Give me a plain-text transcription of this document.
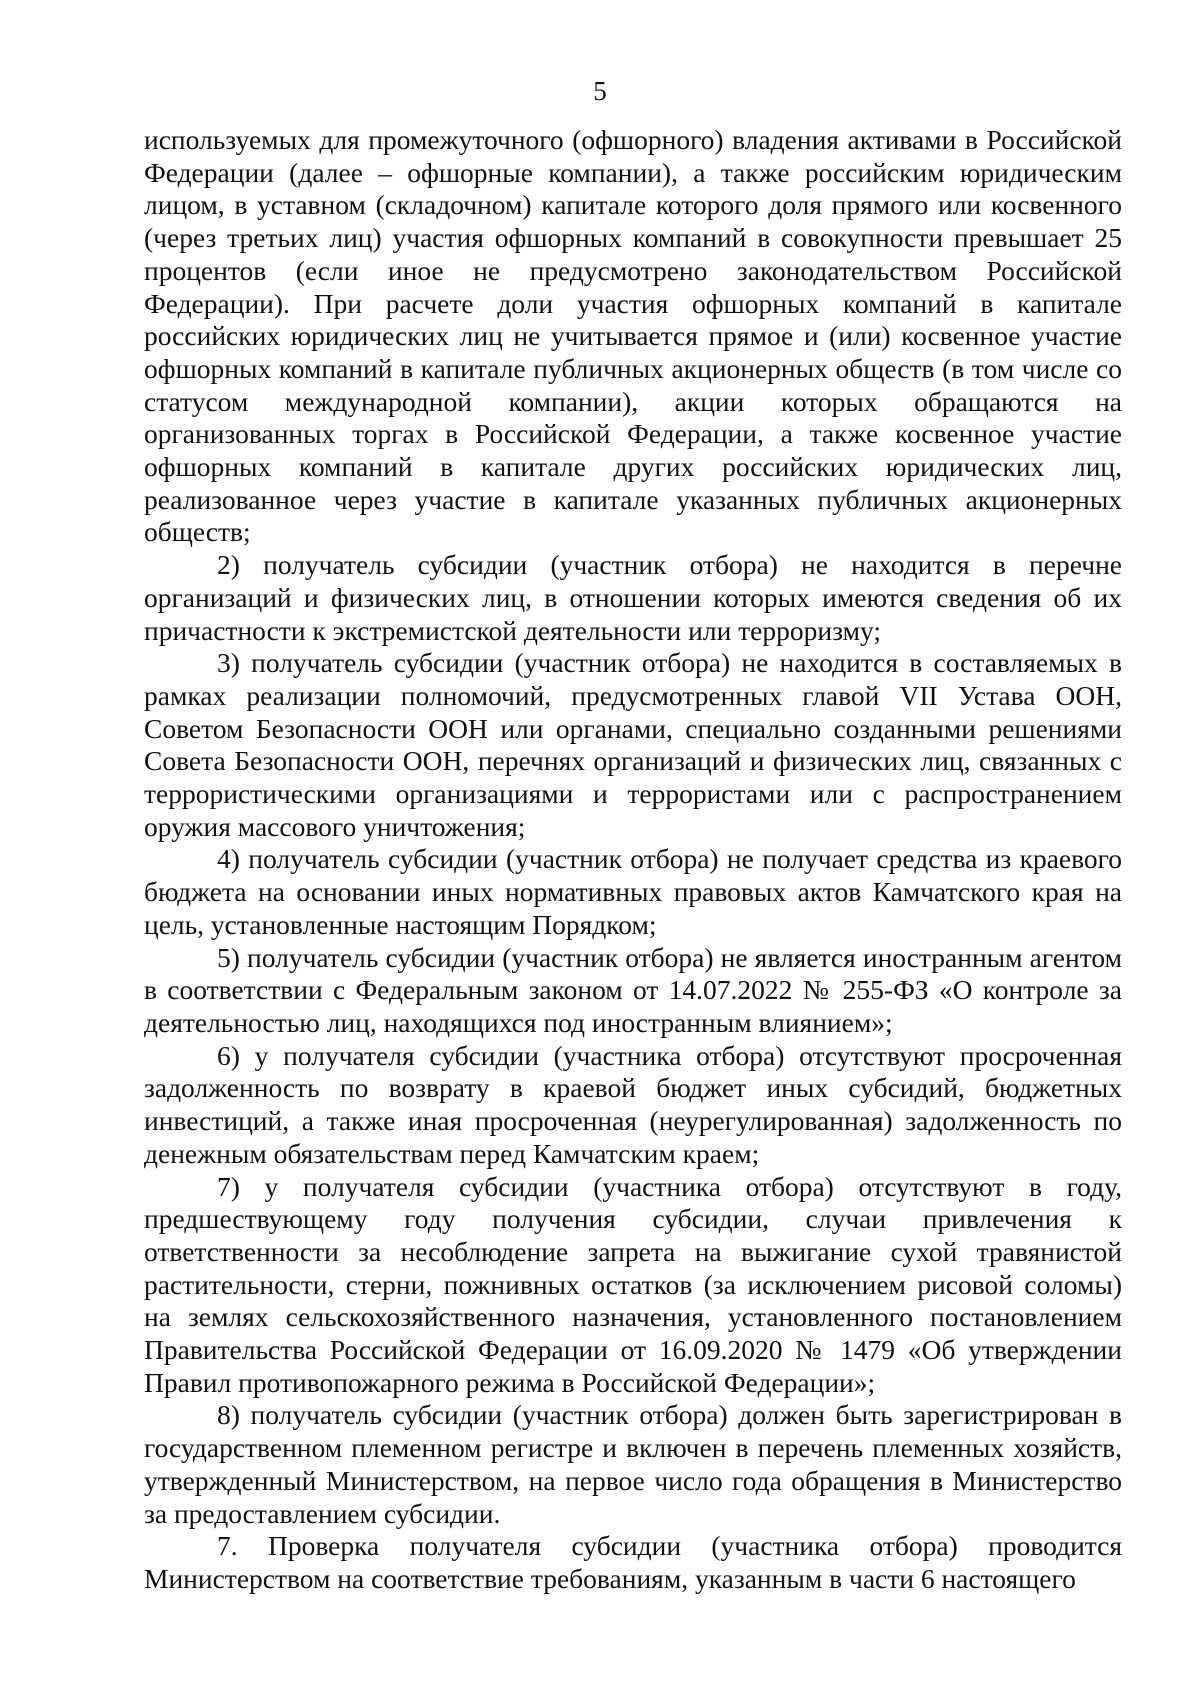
5

используемых для промежуточного (офшорного) владения активами в Российской Федерации (далее – офшорные компании), а также российским юридическим лицом, в уставном (складочном) капитале которого доля прямого или косвенного (через третьих лиц) участия офшорных компаний в совокупности превышает 25 процентов (если иное не предусмотрено законодательством Российской Федерации). При расчете доли участия офшорных компаний в капитале российских юридических лиц не учитывается прямое и (или) косвенное участие офшорных компаний в капитале публичных акционерных обществ (в том числе со статусом международной компании), акции которых обращаются на организованных торгах в Российской Федерации, а также косвенное участие офшорных компаний в капитале других российских юридических лиц, реализованное через участие в капитале указанных публичных акционерных обществ;

2) получатель субсидии (участник отбора) не находится в перечне организаций и физических лиц, в отношении которых имеются сведения об их причастности к экстремистской деятельности или терроризму;

3) получатель субсидии (участник отбора) не находится в составляемых в рамках реализации полномочий, предусмотренных главой VII Устава ООН, Советом Безопасности ООН или органами, специально созданными решениями Совета Безопасности ООН, перечнях организаций и физических лиц, связанных с террористическими организациями и террористами или с распространением оружия массового уничтожения;

4) получатель субсидии (участник отбора) не получает средства из краевого бюджета на основании иных нормативных правовых актов Камчатского края на цель, установленные настоящим Порядком;

5) получатель субсидии (участник отбора) не является иностранным агентом в соответствии с Федеральным законом от 14.07.2022 № 255-ФЗ «О контроле за деятельностью лиц, находящихся под иностранным влиянием»;

6) у получателя субсидии (участника отбора) отсутствуют просроченная задолженность по возврату в краевой бюджет иных субсидий, бюджетных инвестиций, а также иная просроченная (неурегулированная) задолженность по денежным обязательствам перед Камчатским краем;

7) у получателя субсидии (участника отбора) отсутствуют в году, предшествующему году получения субсидии, случаи привлечения к ответственности за несоблюдение запрета на выжигание сухой травянистой растительности, стерни, пожнивных остатков (за исключением рисовой соломы) на землях сельскохозяйственного назначения, установленного постановлением Правительства Российской Федерации от 16.09.2020 № 1479 «Об утверждении Правил противопожарного режима в Российской Федерации»;

8) получатель субсидии (участник отбора) должен быть зарегистрирован в государственном племенном регистре и включен в перечень племенных хозяйств, утвержденный Министерством, на первое число года обращения в Министерство за предоставлением субсидии.

7. Проверка получателя субсидии (участника отбора) проводится Министерством на соответствие требованиям, указанным в части 6 настоящего
